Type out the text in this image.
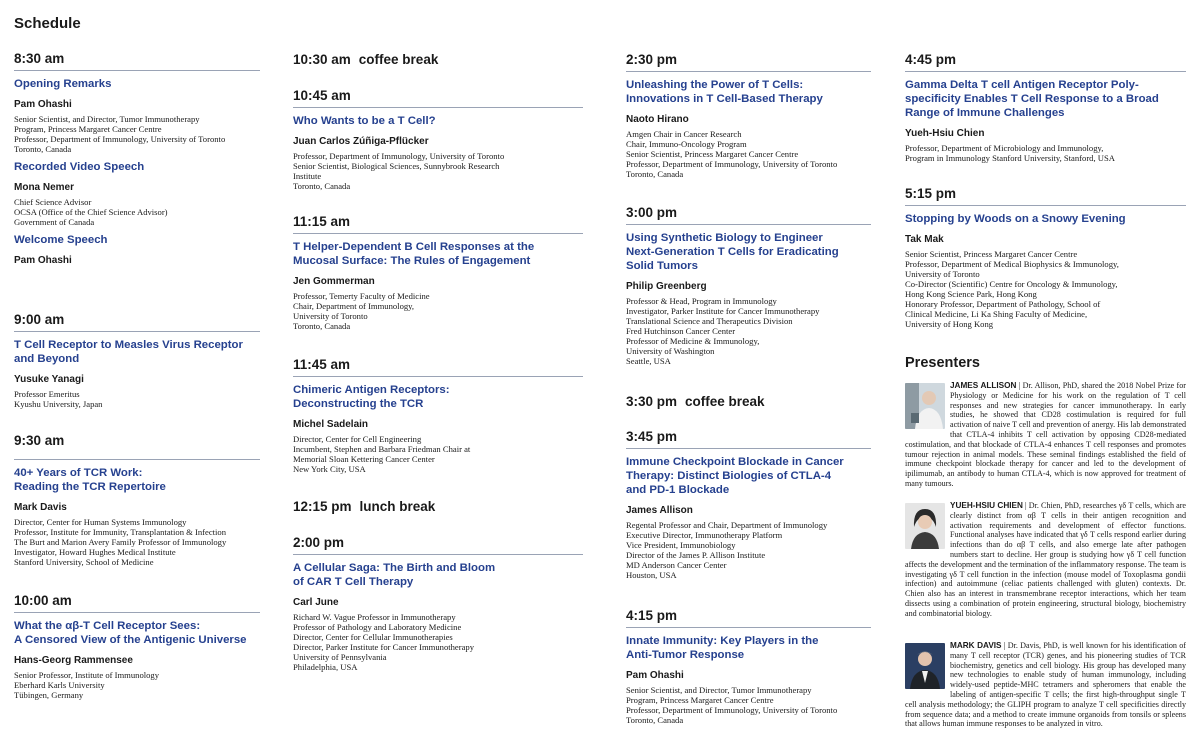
Schedule
8:30 am
Opening Remarks
Pam Ohashi
Senior Scientist, and Director, Tumor Immunotherapy
Program, Princess Margaret Cancer Centre
Professor, Department of Immunology, University of Toronto
Toronto, Canada
Recorded Video Speech
Mona Nemer
Chief Science Advisor
OCSA (Office of the Chief Science Advisor)
Government of Canada
Welcome Speech
Pam Ohashi
9:00 am
T Cell Receptor to Measles Virus Receptor and Beyond
Yusuke Yanagi
Professor Emeritus
Kyushu University, Japan
9:30 am
40+ Years of TCR Work:
Reading the TCR Repertoire
Mark Davis
Director, Center for Human Systems Immunology
Professor, Institute for Immunity, Transplantation & Infection
The Burt and Marion Avery Family Professor of Immunology
Investigator, Howard Hughes Medical Institute
Stanford University, School of Medicine
10:00 am
What the αβ-T Cell Receptor Sees:
A Censored View of the Antigenic Universe
Hans-Georg Rammensee
Senior Professor, Institute of Immunology
Eberhard Karls University
Tübingen, Germany
10:30 am coffee break
10:45 am
Who Wants to be a T Cell?
Juan Carlos Zúñiga-Pflücker
Professor, Department of Immunology, University of Toronto
Senior Scientist, Biological Sciences, Sunnybrook Research
Institute
Toronto, Canada
11:15 am
T Helper-Dependent B Cell Responses at the
Mucosal Surface: The Rules of Engagement
Jen Gommerman
Professor, Temerty Faculty of Medicine
Chair, Department of Immunology,
University of Toronto
Toronto, Canada
11:45 am
Chimeric Antigen Receptors:
Deconstructing the TCR
Michel Sadelain
Director, Center for Cell Engineering
Incumbent, Stephen and Barbara Friedman Chair at
Memorial Sloan Kettering Cancer Center
New York City, USA
12:15 pm lunch break
2:00 pm
A Cellular Saga: The Birth and Bloom
of CAR T Cell Therapy
Carl June
Richard W. Vague Professor in Immunotherapy
Professor of Pathology and Laboratory Medicine
Director, Center for Cellular Immunotherapies
Director, Parker Institute for Cancer Immunotherapy
University of Pennsylvania
Philadelphia, USA
2:30 pm
Unleashing the Power of T Cells:
Innovations in T Cell-Based Therapy
Naoto Hirano
Amgen Chair in Cancer Research
Chair, Immuno-Oncology Program
Senior Scientist, Princess Margaret Cancer Centre
Professor, Department of Immunology, University of Toronto
Toronto, Canada
3:00 pm
Using Synthetic Biology to Engineer
Next-Generation T Cells for Eradicating
Solid Tumors
Philip Greenberg
Professor & Head, Program in Immunology
Investigator, Parker Institute for Cancer Immunotherapy
Translational Science and Therapeutics Division
Fred Hutchinson Cancer Center
Professor of Medicine & Immunology,
University of Washington
Seattle, USA
3:30 pm coffee break
3:45 pm
Immune Checkpoint Blockade in Cancer
Therapy: Distinct Biologies of CTLA-4
and PD-1 Blockade
James Allison
Regental Professor and Chair, Department of Immunology
Executive Director, Immunotherapy Platform
Vice President, Immunobiology
Director of the James P. Allison Institute
MD Anderson Cancer Center
Houston, USA
4:15 pm
Innate Immunity: Key Players in the
Anti-Tumor Response
Pam Ohashi
Senior Scientist, and Director, Tumor Immunotherapy
Program, Princess Margaret Cancer Centre
Professor, Department of Immunology, University of Toronto
Toronto, Canada
4:45 pm
Gamma Delta T cell Antigen Receptor Poly-
specificity Enables T Cell Response to a Broad
Range of Immune Challenges
Yueh-Hsiu Chien
Professor, Department of Microbiology and Immunology,
Program in Immunology Stanford University, Stanford, USA
5:15 pm
Stopping by Woods on a Snowy Evening
Tak Mak
Senior Scientist, Princess Margaret Cancer Centre
Professor, Department of Medical Biophysics & Immunology,
University of Toronto
Co-Director (Scientific) Centre for Oncology & Immunology,
Hong Kong Science Park, Hong Kong
Honorary Professor, Department of Pathology, School of
Clinical Medicine, Li Ka Shing Faculty of Medicine,
University of Hong Kong
Presenters
JAMES ALLISON | Dr. Allison, PhD, shared the 2018 Nobel Prize for Physiology or Medicine for his work on the regulation of T cell responses and new strategies for cancer immunotherapy. In early studies, he showed that CD28 costimulation is required for full activation of naive T cell and prevention of anergy. His lab demonstrated that CTLA-4 inhibits T cell activation by opposing CD28-mediated costimulation, and that blockade of CTLA-4 enhances T cell responses and promotes tumour rejection in animal models. These seminal findings established the field of immune checkpoint blockade therapy for cancer and led to the development of ipilimumab, an antibody to human CTLA-4, which is now approved for treatment of many tumours.
YUEH-HSIU CHIEN | Dr. Chien, PhD, researches γδ T cells, which are clearly distinct from αβ T cells in their antigen recognition and activation requirements and development of effector functions. Functional analyses have indicated that γδ T cells respond earlier during infections than do αβ T cells, and also emerge late after pathogen numbers start to decline. Her group is studying how γδ T cell function affects the development and the termination of the inflammatory response. The team is investigating γδ T cell function in the infection (mouse model of Toxoplasma gondii infection) and autoimmune (celiac patients challenged with gluten) contexts. Dr. Chien also has an interest in transmembrane receptor interactions, which her team dissects using a combination of protein engineering, structural biology, biochemistry and combinatorial biology.
MARK DAVIS | Dr. Davis, PhD, is well known for his identification of many T cell receptor (TCR) genes, and his pioneering studies of TCR biochemistry, genetics and cell biology. His group has developed many new technologies to enable study of human immunology, including widely-used peptide-MHC tetramers and spheromers that enable the labeling of antigen-specific T cells; the first high-throughput single T cell analysis methodology; the GLIPH program to analyze T cell specificities directly from sequence data; and a method to create immune organoids from tonsils or spleens that allows human immune responses to be analyzed in vitro.
